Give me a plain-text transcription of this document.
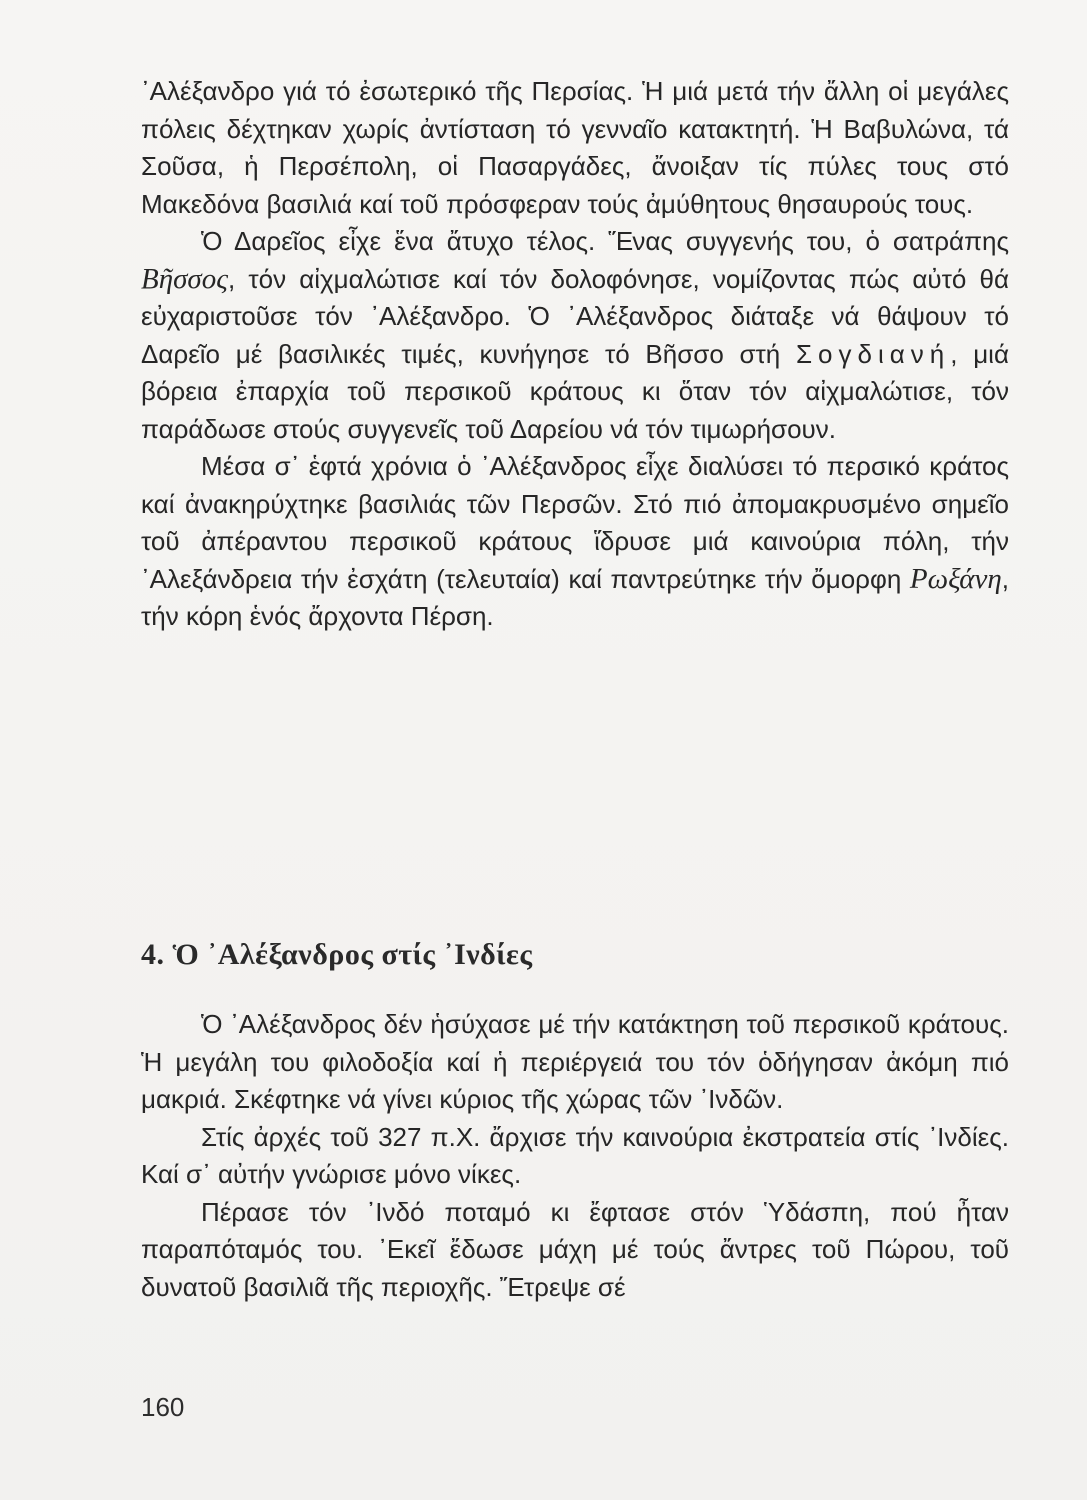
᾿Αλέξανδρο γιά τό ἐσωτερικό τῆς Περσίας. Ἡ μιά μετά τήν ἄλλη οἱ μεγάλες πόλεις δέχτηκαν χωρίς ἀντίσταση τό γενναῖο κατακτητή. Ἡ Βαβυλώνα, τά Σοῦσα, ἡ Περσέπολη, οἱ Πασαργάδες, ἄνοιξαν τίς πύλες τους στό Μακεδόνα βασιλιά καί τοῦ πρόσφεραν τούς ἀμύθητους θησαυρούς τους.

Ὁ Δαρεῖος εἶχε ἕνα ἄτυχο τέλος. Ἕνας συγγενής του, ὁ σατράπης Βῆσσος, τόν αἰχμαλώτισε καί τόν δολοφόνησε, νομίζοντας πώς αὐτό θά εὐχαριστοῦσε τόν ᾿Αλέξανδρο. Ὁ ᾿Αλέξανδρος διάταξε νά θάψουν τό Δαρεῖο μέ βασιλικές τιμές, κυνήγησε τό Βῆσσο στή Σογδιανή, μιά βόρεια ἐπαρχία τοῦ περσικοῦ κράτους κι ὅταν τόν αἰχμαλώτισε, τόν παράδωσε στούς συγγενεῖς τοῦ Δαρείου νά τόν τιμωρήσουν.

Μέσα σ᾿ ἑφτά χρόνια ὁ ᾿Αλέξανδρος εἶχε διαλύσει τό περσικό κράτος καί ἀνακηρύχτηκε βασιλιάς τῶν Περσῶν. Στό πιό ἀπομακρυσμένο σημεῖο τοῦ ἀπέραντου περσικοῦ κράτους ἵδρυσε μιά καινούρια πόλη, τήν ᾿Αλεξάνδρεια τήν ἐσχάτη (τελευταία) καί παντρεύτηκε τήν ὄμορφη Ρωξάνη, τήν κόρη ἑνός ἄρχοντα Πέρση.

4. Ὁ ᾿Αλέξανδρος στίς ᾿Ινδίες

Ὁ ᾿Αλέξανδρος δέν ἡσύχασε μέ τήν κατάκτηση τοῦ περσικοῦ κράτους. Ἡ μεγάλη του φιλοδοξία καί ἡ περιέργειά του τόν ὁδήγησαν ἀκόμη πιό μακριά. Σκέφτηκε νά γίνει κύριος τῆς χώρας τῶν ᾿Ινδῶν.

Στίς ἀρχές τοῦ 327 π.Χ. ἄρχισε τήν καινούρια ἐκστρατεία στίς ᾿Ινδίες. Καί σ᾿ αὐτήν γνώρισε μόνο νίκες.

Πέρασε τόν ᾿Ινδό ποταμό κι ἔφτασε στόν Ὑδάσπη, πού ἦταν παραπόταμός του. ᾿Εκεῖ ἔδωσε μάχη μέ τούς ἄντρες τοῦ Πώρου, τοῦ δυνατοῦ βασιλιᾶ τῆς περιοχῆς. Ἔτρεψε σέ

160
